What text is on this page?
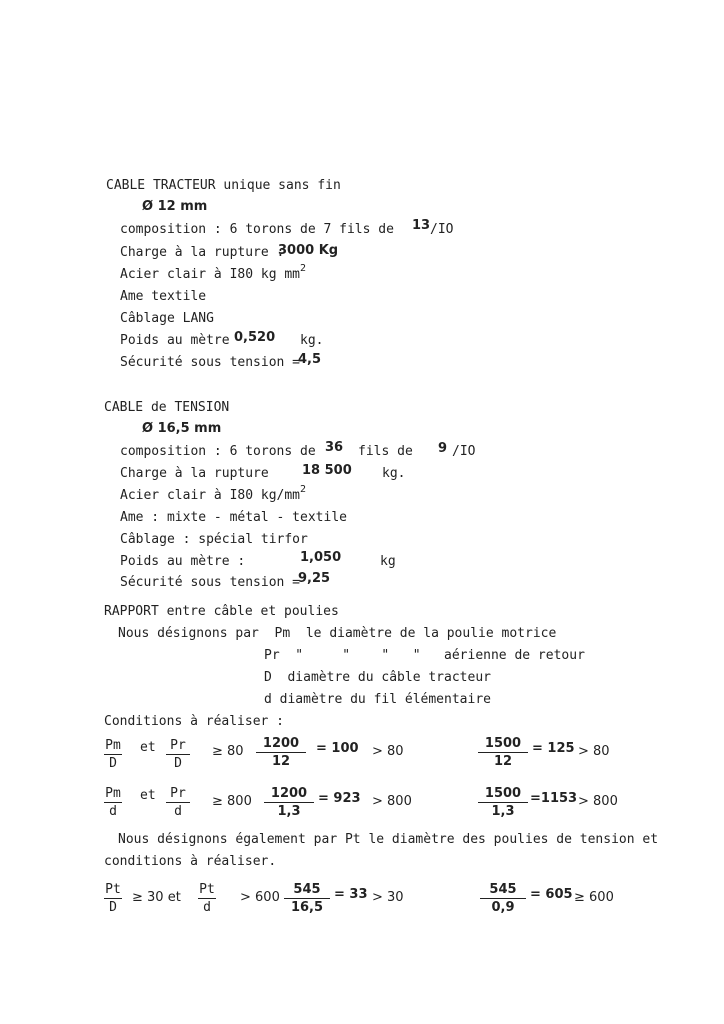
CABLE TRACTEUR unique sans fin
Ø 12 mm
composition : 6 torons de 7 fils de 13 /IO
Charge à la rupture :
3000 Kg
Acier clair à I80 kg $mm^2$
Ame textile
Câblage LANG
Poids au mètre 0,520 kg.
Sécurité sous tension =
4,5
CABLE de TENSION
Ø 16,5 mm
composition : 6 torons de 36 fils de 9 /IO
Charge à la rupture	18 500 kg.
Acier clair à I80 $kg/mm^2$
Ame : mixte - métal - textile
Câblage : spécial tirfor
Poids au mètre :	1,050	kg
Sécurité sous tension =
9,25
RAPPORT entre câble et poulies
Nous désignons par  Pm  le diamètre de la poulie motrice
Pr  "     "    "   "   aérienne de retour
D  diamètre du câble tracteur
d diamètre du fil élémentaire
Conditions à réaliser :
Pm
D
et	Pr
D
≥ 80
1200
12
= 100 > 80
1500
12
= 125 > 80
Pm
d
et	Pr
d
≥ 800
1200
1,3
= 923 > 800
1500
1,3
=1153 > 800
Nous désignons également par Pt le diamètre des poulies de tension et
conditions à réaliser.
Pt
D
≥ 30 et
Pt
d
> 600
545
16,5
= 33 > 30
545
0,9
= 605 ≥ 600
